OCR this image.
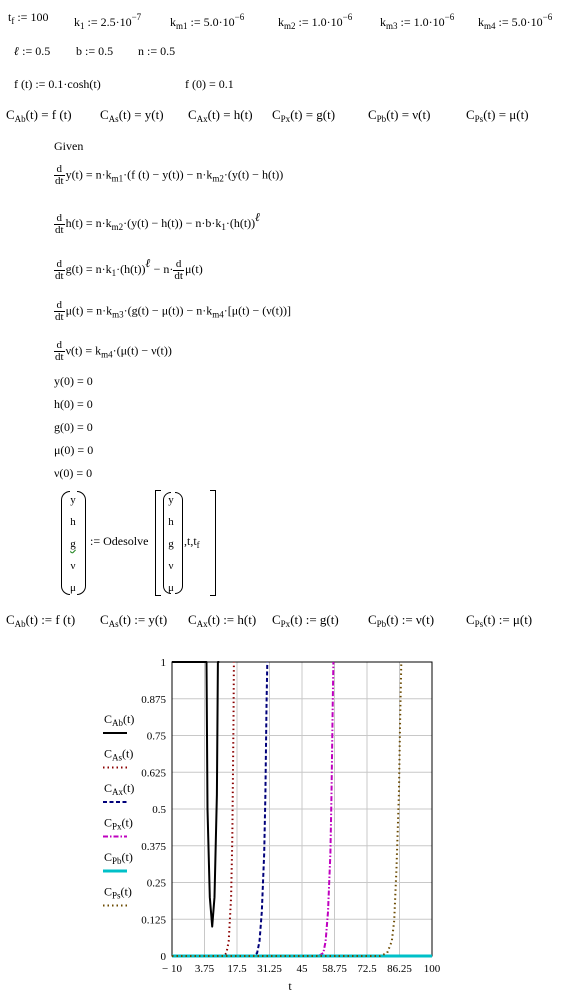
$t_f$ := 100 $k_1$ := $2.5\cdot 10^{-7}$ $k_{m1}$ := $5.0\cdot 10^{-6}$	$k_{m2}$ := $1.0\cdot 10^{-6}$ $k_{m3}$ := $1.0\cdot 10^{-6}$ $k_{m4}$ := $5.0\cdot 10^{-6}$
ℓ := 0.5 b := 0.5 n := 0.5
f (t) := 0.1·cosh(t)	f (0) = 0.1
$C_{Ab}(t) = f$ (t) $C_{As}(t) = y(t) C_{Ax}(t) = h(t) C_{Px}(t) = g(t)$	$C_{Pb}(t) = \nu(t)$	$C_{Ps}(t) = \mu(t)$
Given
$\frac{d}{dt} y(t) = n\cdot k_{m1}\cdot(f$ $(t) - y(t)) - n\cdot k_{m2}\cdot(y(t) - h(t))$
$\frac{d}{dt} h(t) = n\cdot k_{m2}\cdot(y(t) - h(t)) - n\cdot b\cdot k_1\cdot(h(t))^\ell$
$\frac{d}{dt} g(t) = n\cdot k_1\cdot(h(t))^\ell - n\cdot \frac{d}{dt} \mu(t)$
$\frac{d}{dt} \mu(t) = n\cdot k_{m3}\cdot(g(t) - \mu(t)) - n\cdot k_{m4}\cdot[\mu(t) - (\nu(t))]$
$\frac{d}{dt} \nu(t) = k_{m4}\cdot(\mu(t) - \nu(t))$
y(0) = 0
h(0) = 0
g(0) = 0
μ(0) = 0
ν(0) = 0
y
h
g
ν
μ
:= Odesolve
y
h
g
ν
μ
$,t,t_f$
$C_{Ab}(t)$ := f (t) $C_{As}(t)$ := y(t) $C_{Ax}(t)$ := h(t) $C_{Px}(t)$ := g(t) $C_{Pb}(t)$ := ν(t) $C_{Ps}(t)$ := μ(t)
− 10 3.75 17.5 31.25 45 58.75 72.5 86.25 100
0
0.125
0.25
0.375
0.5
0.625
0.75
0.875
1
t
$C_{Ab}(t)$
$C_{As}(t)$
$C_{Ax}(t)$
$C_{Px}(t)$
$C_{Pb}(t)$
$C_{Ps}(t)$
